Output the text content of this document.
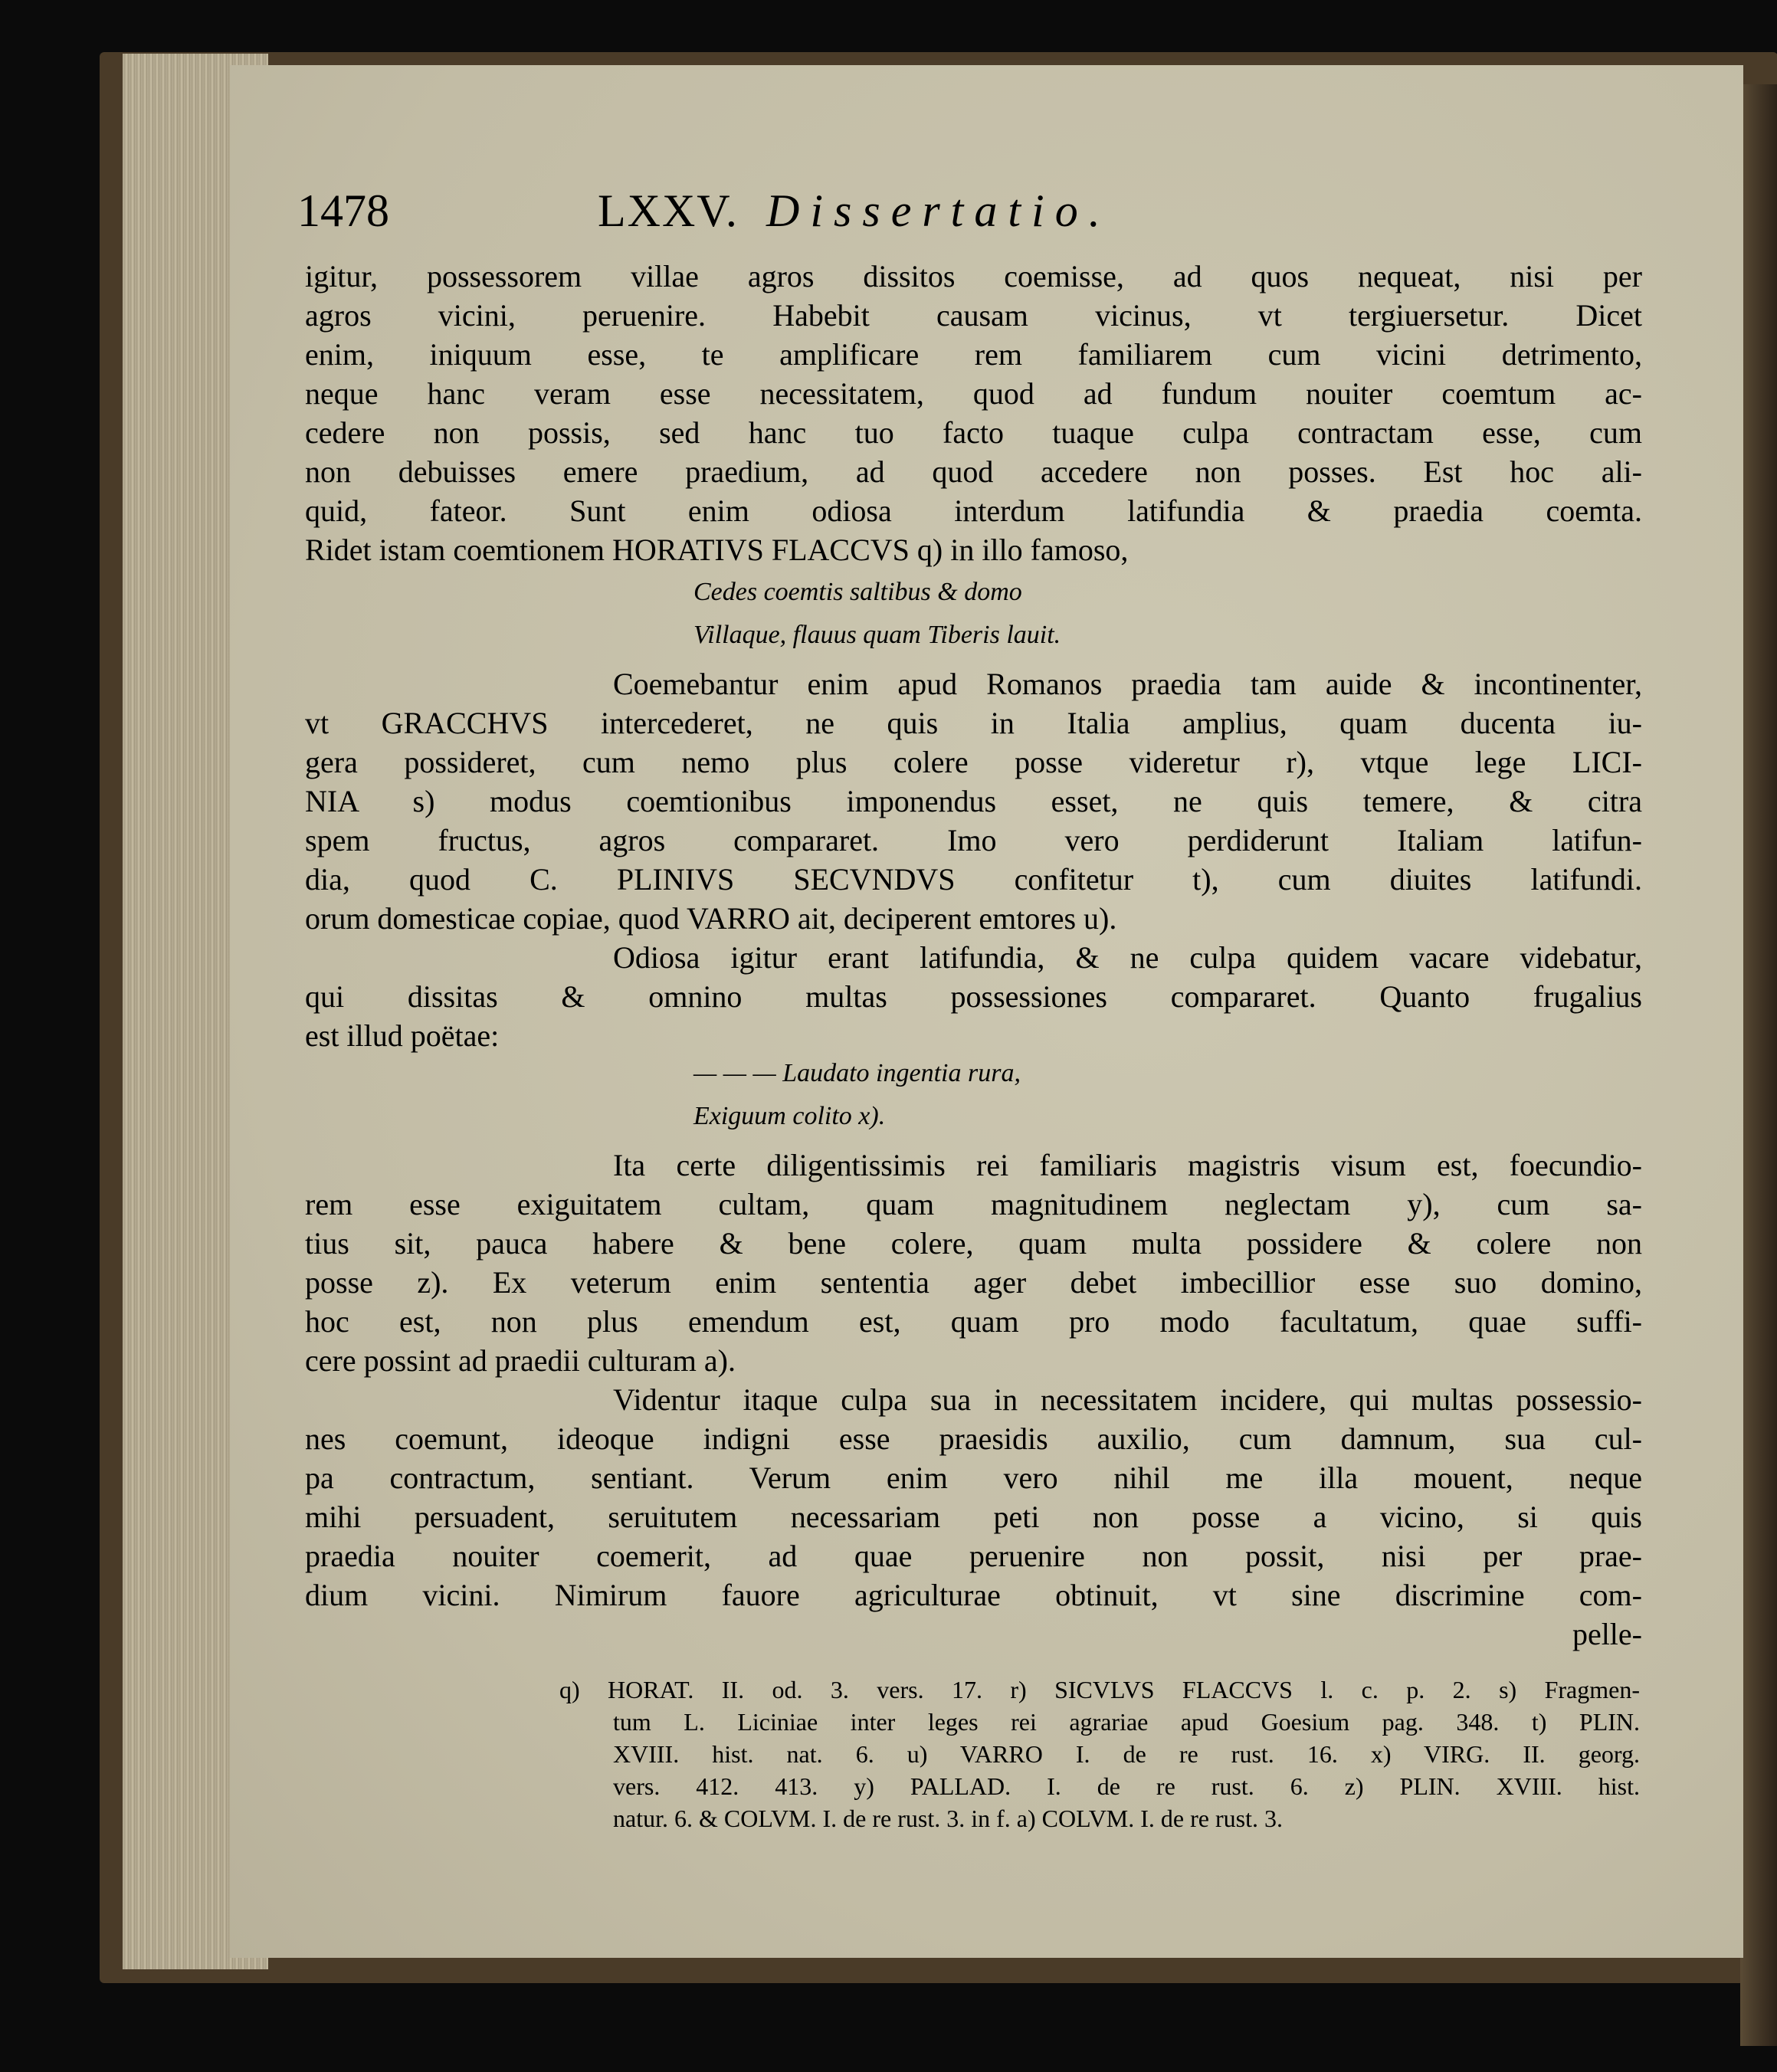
1478	LXXV. Dissertatio.
igitur, possessorem villae agros dissitos coemisse, ad quos nequeat, nisi per
agros vicini, peruenire. Habebit causam vicinus, vt tergiuersetur. Dicet
enim, iniquum esse, te amplificare rem familiarem cum vicini detrimento,
neque hanc veram esse necessitatem, quod ad fundum nouiter coemtum ac-
cedere non possis, sed hanc tuo facto tuaque culpa contractam esse, cum
non debuisses emere praedium, ad quod accedere non posses. Est hoc ali-
quid, fateor. Sunt enim odiosa interdum latifundia & praedia coemta.
Ridet istam coemtionem HORATIVS FLACCVS q) in illo famoso,
Cedes coemtis saltibus & domo
Villaque, flauus quam Tiberis lauit.
Coemebantur enim apud Romanos praedia tam auide & incontinenter,
vt GRACCHVS intercederet, ne quis in Italia amplius, quam ducenta iu-
gera possideret, cum nemo plus colere posse videretur r), vtque lege LICI-
NIA s) modus coemtionibus imponendus esset, ne quis temere, & citra
spem fructus, agros compararet. Imo vero perdiderunt Italiam latifun-
dia, quod C. PLINIVS SECVNDVS confitetur t), cum diuites latifundi.
orum domesticae copiae, quod VARRO ait, deciperent emtores u).
Odiosa igitur erant latifundia, & ne culpa quidem vacare videbatur,
qui dissitas & omnino multas possessiones compararet. Quanto frugalius
est illud poëtae:
— — — Laudato ingentia rura,
Exiguum colito x).
Ita certe diligentissimis rei familiaris magistris visum est, foecundio-
rem esse exiguitatem cultam, quam magnitudinem neglectam y), cum sa-
tius sit, pauca habere & bene colere, quam multa possidere & colere non
posse z). Ex veterum enim sententia ager debet imbecillior esse suo domino,
hoc est, non plus emendum est, quam pro modo facultatum, quae suffi-
cere possint ad praedii culturam a).
Videntur itaque culpa sua in necessitatem incidere, qui multas possessio-
nes coemunt, ideoque indigni esse praesidis auxilio, cum damnum, sua cul-
pa contractum, sentiant. Verum enim vero nihil me illa mouent, neque
mihi persuadent, seruitutem necessariam peti non posse a vicino, si quis
praedia nouiter coemerit, ad quae peruenire non possit, nisi per prae-
dium vicini. Nimirum fauore agriculturae obtinuit, vt sine discrimine com-
pelle-
q) HORAT. II. od. 3. vers. 17. r) SICVLVS FLACCVS l. c. p. 2. s) Fragmen-
tum L. Liciniae inter leges rei agrariae apud Goesium pag. 348. t) PLIN.
XVIII. hist. nat. 6. u) VARRO I. de re rust. 16. x) VIRG. II. georg.
vers. 412. 413. y) PALLAD. I. de re rust. 6. z) PLIN. XVIII. hist.
natur. 6. & COLVM. I. de re rust. 3. in f. a) COLVM. I. de re rust. 3.
